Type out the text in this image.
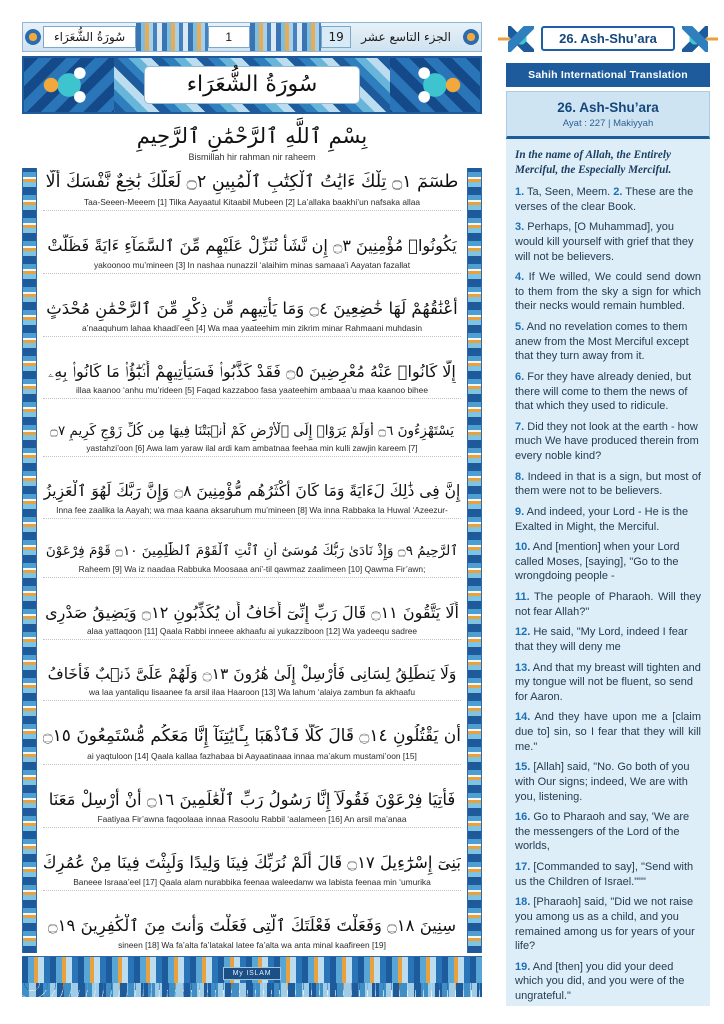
سُورَةُ الشُّعَرَاء	1	19	الجزء التاسع عشر
سُورَةُ الشُّعَرَاء
بِسْمِ ٱللَّهِ ٱلرَّحْمَٰنِ ٱلرَّحِيمِ
Bismillah hir rahman nir raheem
طسٓمٓ ۝١ تِلْكَ ءَايَٰتُ ٱلْكِتَٰبِ ٱلْمُبِينِ ۝٢ لَعَلَّكَ بَٰخِعٌ نَّفْسَكَ أَلَّا
Taa-Seeen-Meeem [1] Tilka Aayaatul Kitaabil Mubeen [2] La’allaka baakhi’un nafsaka allaa
يَكُونُوا۟ مُؤْمِنِينَ ۝٣ إِن نَّشَأْ نُنَزِّلْ عَلَيْهِم مِّنَ ٱلسَّمَآءِ ءَايَةً فَظَلَّتْ
yakoonoo mu’mineen [3] In nashaa nunazzil ‘alaihim minas samaaa’i Aayatan fazallat
أَعْنَٰقُهُمْ لَهَا خَٰضِعِينَ ۝٤ وَمَا يَأْتِيهِم مِّن ذِكْرٍ مِّنَ ٱلرَّحْمَٰنِ مُحْدَثٍ
a’naaquhum lahaa khaadi’een [4] Wa maa yaateehim min zikrim minar Rahmaani muhdasin
إِلَّا كَانُوا۟ عَنْهُ مُعْرِضِينَ ۝٥ فَقَدْ كَذَّبُوا۟ فَسَيَأْتِيهِمْ أَنۢبَٰٓؤُا۟ مَا كَانُوا۟ بِهِۦ
illaa kaanoo ‘anhu mu’rideen [5] Faqad kazzaboo fasa yaateehim ambaaa’u maa kaanoo bihee
يَسْتَهْزِءُونَ ۝٦ أَوَلَمْ يَرَوْا۟ إِلَى ٱلْأَرْضِ كَمْ أَنۢبَتْنَا فِيهَا مِن كُلِّ زَوْجٍ كَرِيمٍ ۝٧
yastahzi’oon [6] Awa lam yaraw ilal ardi kam ambatnaa feehaa min kulli zawjin kareem [7]
إِنَّ فِى ذَٰلِكَ لَءَايَةً وَمَا كَانَ أَكْثَرُهُم مُّؤْمِنِينَ ۝٨ وَإِنَّ رَبَّكَ لَهُوَ ٱلْعَزِيزُ
Inna fee zaalika la Aayah; wa maa kaana aksaruhum mu’mineen [8] Wa inna Rabbaka la Huwal ‘Azeezur-
ٱلرَّحِيمُ ۝٩ وَإِذْ نَادَىٰ رَبُّكَ مُوسَىٰٓ أَنِ ٱئْتِ ٱلْقَوْمَ ٱلظَّٰلِمِينَ ۝١٠ قَوْمَ فِرْعَوْنَ
Raheem [9] Wa iz naadaa Rabbuka Moosaaa ani’-til qawmaz zaalimeen [10] Qawma Fir’awn;
أَلَا يَتَّقُونَ ۝١١ قَالَ رَبِّ إِنِّىٓ أَخَافُ أَن يُكَذِّبُونِ ۝١٢ وَيَضِيقُ صَدْرِى
alaa yattaqoon [11] Qaala Rabbi inneee akhaafu ai yukazziboon [12] Wa yadeequ sadree
وَلَا يَنطَلِقُ لِسَانِى فَأَرْسِلْ إِلَىٰ هَٰرُونَ ۝١٣ وَلَهُمْ عَلَىَّ ذَنۢبٌ فَأَخَافُ
wa laa yantaliqu lisaanee fa arsil ilaa Haaroon [13] Wa lahum ‘alaiya zambun fa akhaafu
أَن يَقْتُلُونِ ۝١٤ قَالَ كَلَّا فَٱذْهَبَا بِـَٔايَٰتِنَآ إِنَّا مَعَكُم مُّسْتَمِعُونَ ۝١٥
ai yaqtuloon [14] Qaala kallaa fazhabaa bi Aayaatinaaa innaa ma’akum mustami’oon [15]
فَأْتِيَا فِرْعَوْنَ فَقُولَآ إِنَّا رَسُولُ رَبِّ ٱلْعَٰلَمِينَ ۝١٦ أَنْ أَرْسِلْ مَعَنَا
Faatiyaa Fir’awna faqoolaaa innaa Rasoolu Rabbil ‘aalameen [16] An arsil ma’anaa
بَنِىٓ إِسْرَٰٓءِيلَ ۝١٧ قَالَ أَلَمْ نُرَبِّكَ فِينَا وَلِيدًا وَلَبِثْتَ فِينَا مِنْ عُمُرِكَ
Baneee Israaa’eel [17] Qaala alam nurabbika feenaa waleedanw wa labista feenaa min ‘umurika
سِنِينَ ۝١٨ وَفَعَلْتَ فَعْلَتَكَ ٱلَّتِى فَعَلْتَ وَأَنتَ مِنَ ٱلْكَٰفِرِينَ ۝١٩
sineen [18] Wa fa’alta fa’latakal latee fa’alta wa anta minal kaafireen [19]
My ISLAM
26. Ash-Shu’ara
Sahih International Translation
26. Ash-Shu’ara
Ayat : 227 | Makiyyah
In the name of Allah, the Entirely Merciful, the Especially Merciful.
1. Ta, Seen, Meem. 2. These are the verses of the clear Book.
3. Perhaps, [O Muhammad], you would kill yourself with grief that they will not be believers.
4. If We willed, We could send down to them from the sky a sign for which their necks would remain humbled.
5. And no revelation comes to them anew from the Most Merciful except that they turn away from it.
6. For they have already denied, but there will come to them the news of that which they used to ridicule.
7. Did they not look at the earth - how much We have produced therein from every noble kind?
8. Indeed in that is a sign, but most of them were not to be believers.
9. And indeed, your Lord - He is the Exalted in Might, the Merciful.
10. And [mention] when your Lord called Moses, [saying], "Go to the wrongdoing people -
11. The people of Pharaoh. Will they not fear Allah?"
12. He said, "My Lord, indeed I fear that they will deny me
13. And that my breast will tighten and my tongue will not be fluent, so send for Aaron.
14. And they have upon me a [claim due to] sin, so I fear that they will kill me."
15. [Allah] said, "No. Go both of you with Our signs; indeed, We are with you, listening.
16. Go to Pharaoh and say, 'We are the messengers of the Lord of the worlds,
17. [Commanded to say], "Send with us the Children of Israel."""
18. [Pharaoh] said, "Did we not raise you among us as a child, and you remained among us for years of your life?
19. And [then] you did your deed which you did, and you were of the ungrateful."
